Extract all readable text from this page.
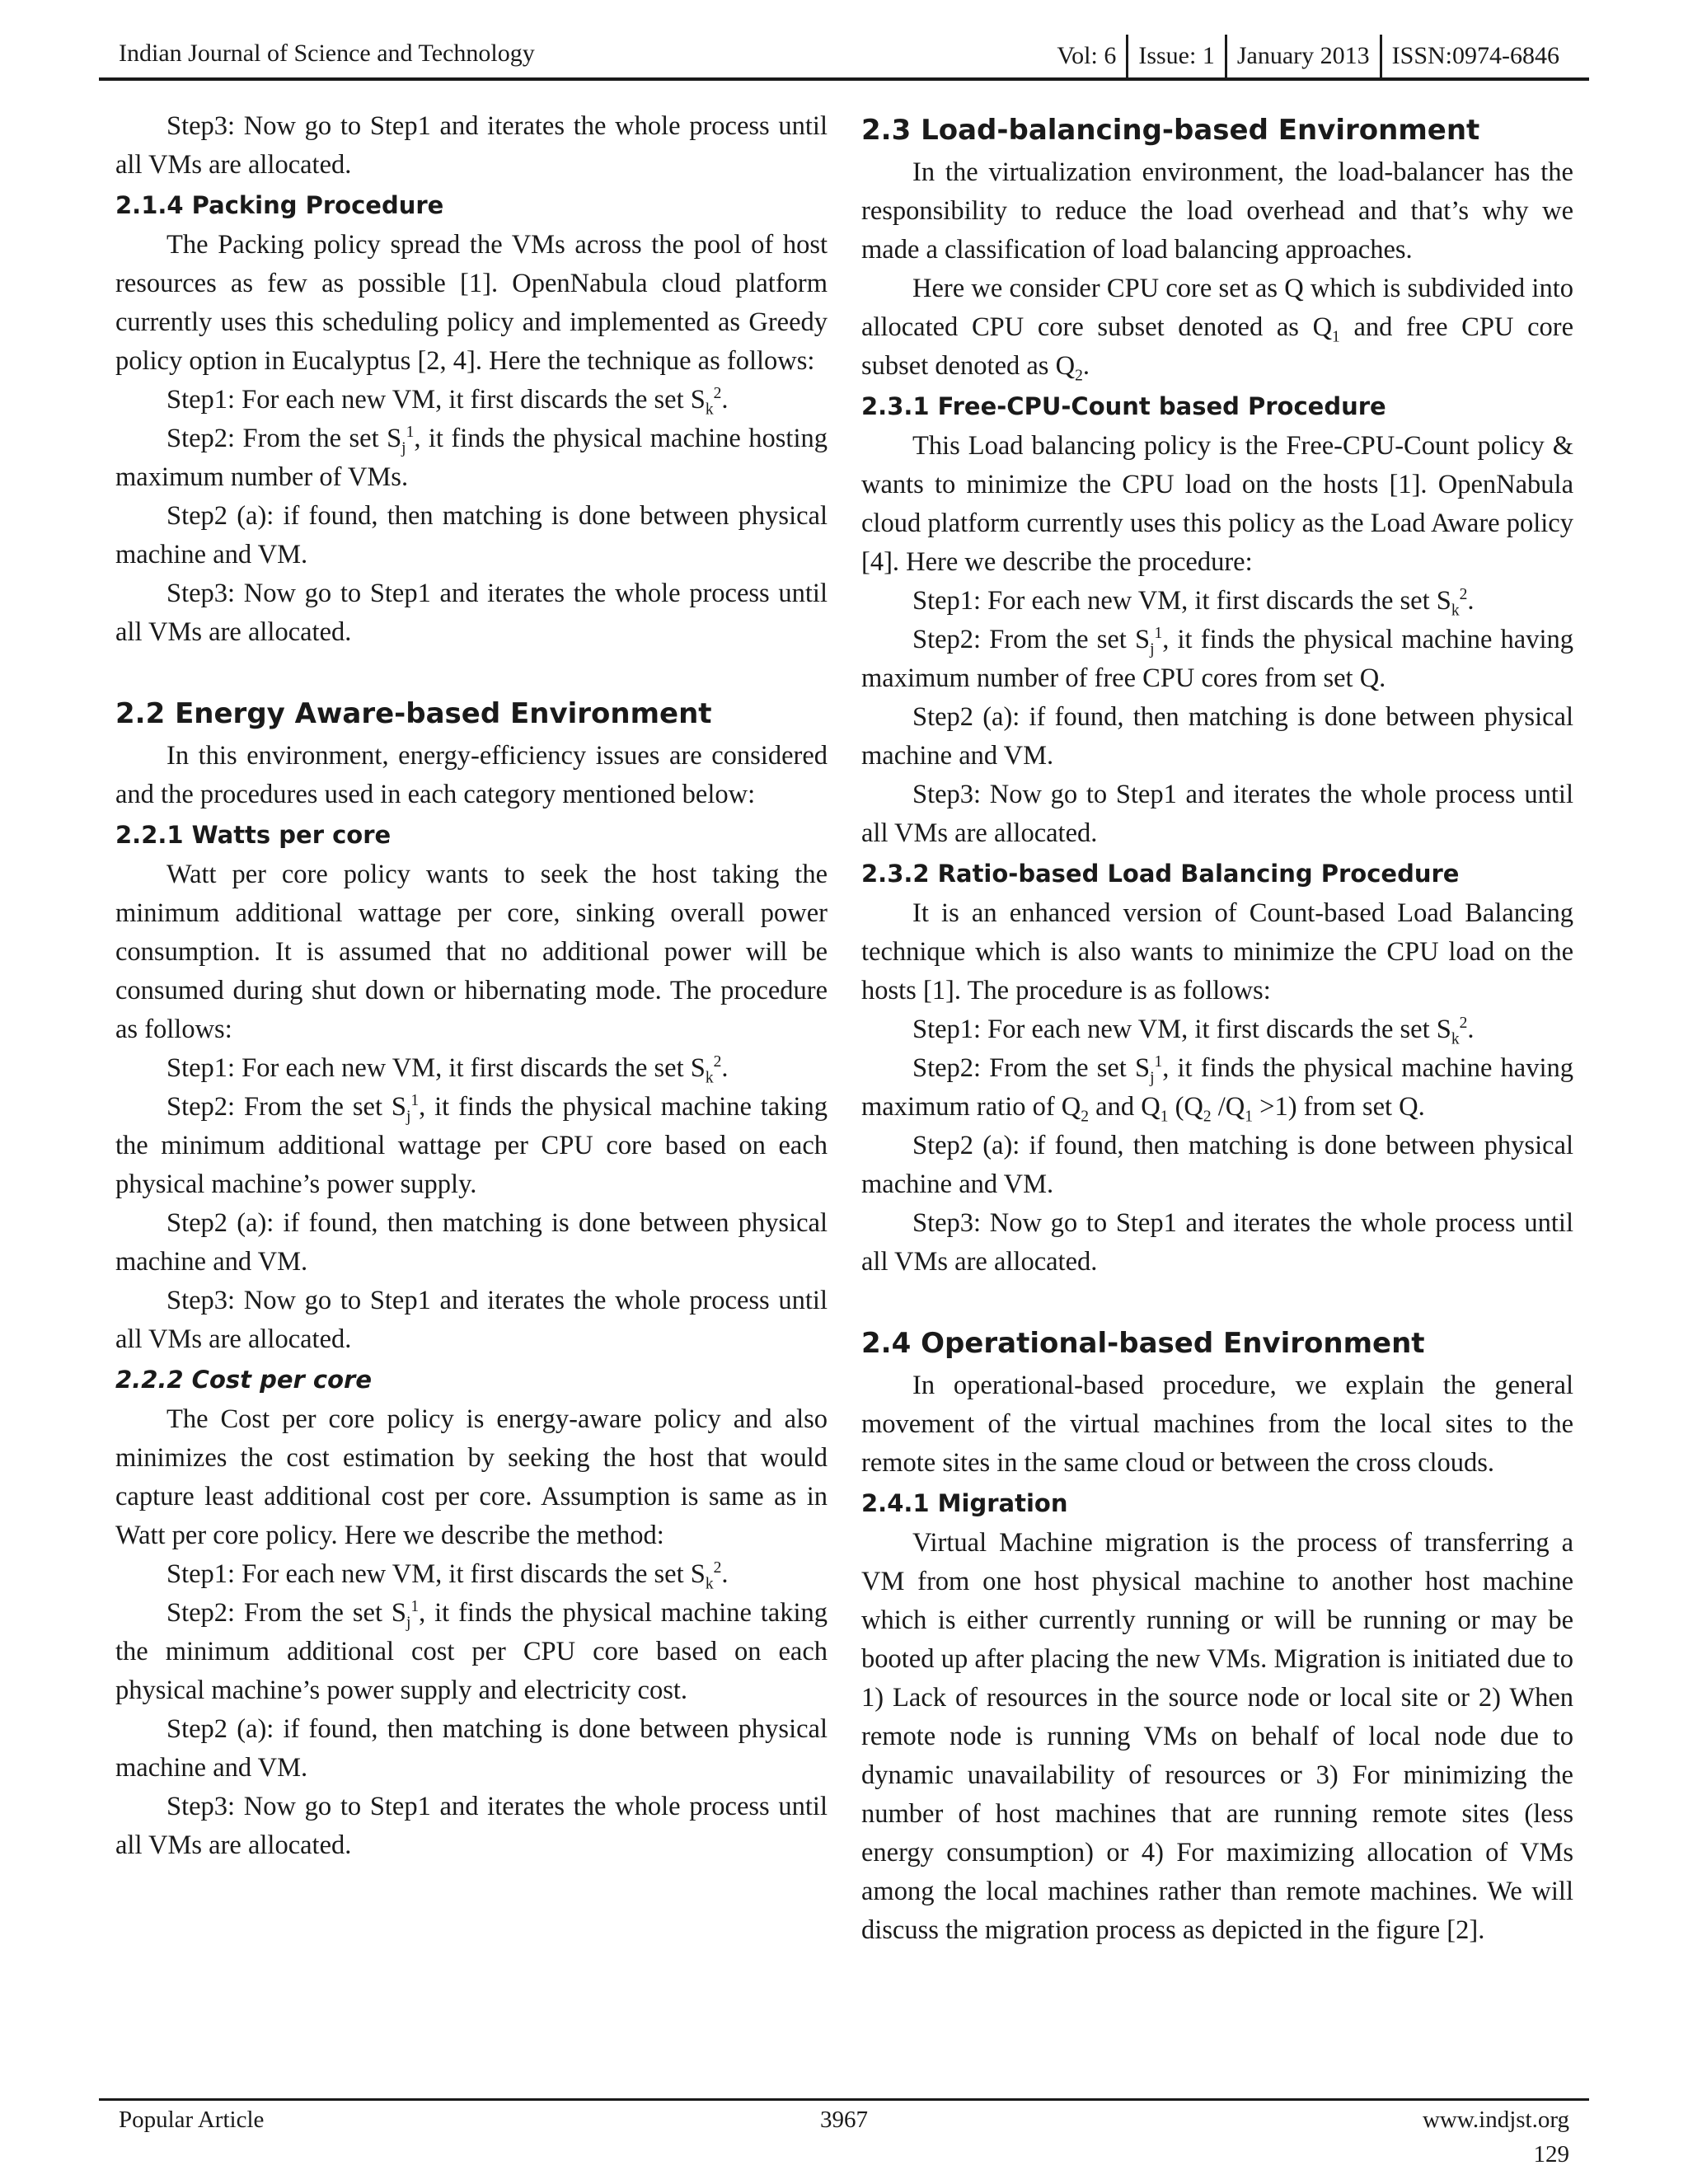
Indian Journal of Science and Technology	Vol: 6 Issue: 1 January 2013 ISSN:0974-6846

Step3: Now go to Step1 and iterates the whole process until all VMs are allocated.

2.1.4 Packing Procedure

The Packing policy spread the VMs across the pool of host resources as few as possible [1]. OpenNabula cloud platform currently uses this scheduling policy and implemented as Greedy policy option in Eucalyptus [2, 4]. Here the technique as follows:

Step1: For each new VM, it first discards the set $S_k^2$.

Step2: From the set $S_j^1$, it finds the physical machine hosting maximum number of VMs.

Step2 (a): if found, then matching is done between physical machine and VM.

Step3: Now go to Step1 and iterates the whole process until all VMs are allocated.

2.2 Energy Aware-based Environment

In this environment, energy-efficiency issues are considered and the procedures used in each category mentioned below:

2.2.1 Watts per core

Watt per core policy wants to seek the host taking the minimum additional wattage per core, sinking overall power consumption. It is assumed that no additional power will be consumed during shut down or hibernating mode. The procedure as follows:

Step1: For each new VM, it first discards the set $S_k^2$.

Step2: From the set $S_j^1$, it finds the physical machine taking the minimum additional wattage per CPU core based on each physical machine’s power supply.

Step2 (a): if found, then matching is done between physical machine and VM.

Step3: Now go to Step1 and iterates the whole process until all VMs are allocated.

2.2.2 Cost per core

The Cost per core policy is energy-aware policy and also minimizes the cost estimation by seeking the host that would capture least additional cost per core. Assumption is same as in Watt per core policy. Here we describe the method:

Step1: For each new VM, it first discards the set $S_k^2$.

Step2: From the set $S_j^1$, it finds the physical machine taking the minimum additional cost per CPU core based on each physical machine’s power supply and electricity cost.

Step2 (a): if found, then matching is done between physical machine and VM.

Step3: Now go to Step1 and iterates the whole process until all VMs are allocated.

2.3 Load-balancing-based Environment

In the virtualization environment, the load-balancer has the responsibility to reduce the load overhead and that’s why we made a classification of load balancing approaches.

Here we consider CPU core set as Q which is subdivided into allocated CPU core subset denoted as $Q_1$ and free CPU core subset denoted as $Q_2$.

2.3.1 Free-CPU-Count based Procedure

This Load balancing policy is the Free-CPU-Count policy & wants to minimize the CPU load on the hosts [1]. OpenNabula cloud platform currently uses this policy as the Load Aware policy [4]. Here we describe the procedure:

Step1: For each new VM, it first discards the set $S_k^2$.

Step2: From the set $S_j^1$, it finds the physical machine having maximum number of free CPU cores from set Q.

Step2 (a): if found, then matching is done between physical machine and VM.

Step3: Now go to Step1 and iterates the whole process until all VMs are allocated.

2.3.2 Ratio-based Load Balancing Procedure

It is an enhanced version of Count-based Load Balancing technique which is also wants to minimize the CPU load on the hosts [1]. The procedure is as follows:

Step1: For each new VM, it first discards the set $S_k^2$.

Step2: From the set $S_j^1$, it finds the physical machine having maximum ratio of $Q_2$ and $Q_1$ ($Q_2$ $/Q_1 >1$) from set Q.

Step2 (a): if found, then matching is done between physical machine and VM.

Step3: Now go to Step1 and iterates the whole process until all VMs are allocated.

2.4 Operational-based Environment

In operational-based procedure, we explain the general movement of the virtual machines from the local sites to the remote sites in the same cloud or between the cross clouds.

2.4.1 Migration

Virtual Machine migration is the process of transferring a VM from one host physical machine to another host machine which is either currently running or will be running or may be booted up after placing the new VMs. Migration is initiated due to 1) Lack of resources in the source node or local site or 2) When remote node is running VMs on behalf of local node due to dynamic unavailability of resources or 3) For minimizing the number of host machines that are running remote sites (less energy consumption) or 4) For maximizing allocation of VMs among the local machines rather than remote machines. We will discuss the migration process as depicted in the figure [2].

Popular Article	3967	www.indjst.org
129
